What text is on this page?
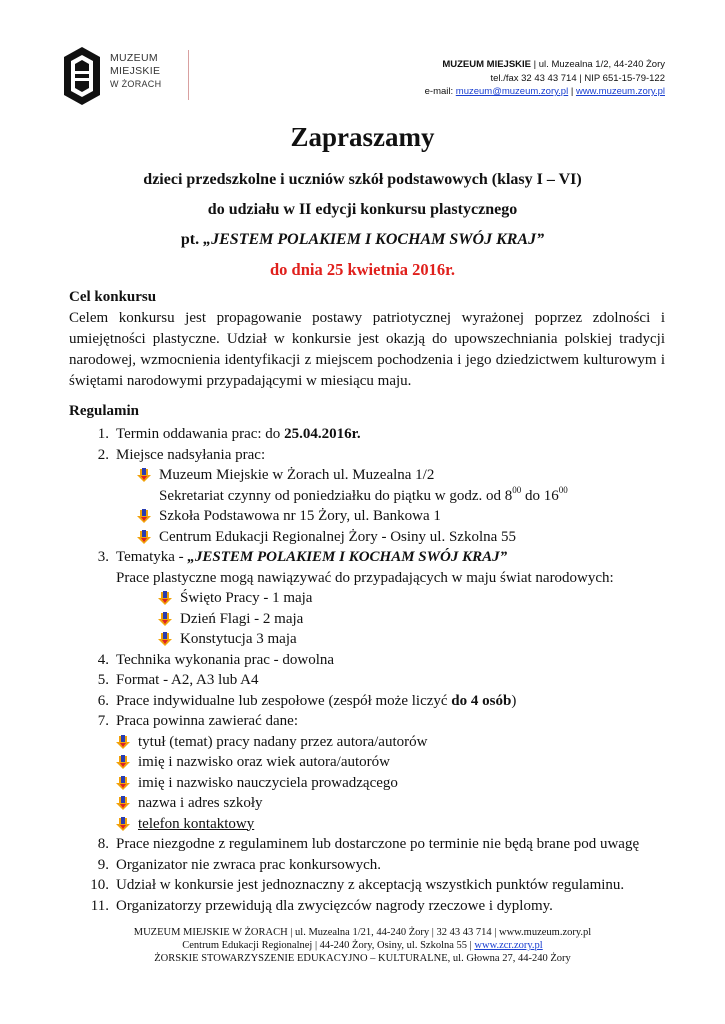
MUZEUM
MIEJSKIE
W ŻORACH
MUZEUM MIEJSKIE | ul. Muzealna 1/2, 44-240 Żory
tel./fax 32 43 43 714 | NIP 651-15-79-122
e-mail: muzeum@muzeum.zory.pl | www.muzeum.zory.pl
Zapraszamy
dzieci przedszkolne i uczniów szkół podstawowych (klasy I – VI)
do udziału w II edycji konkursu plastycznego
pt. „JESTEM POLAKIEM I KOCHAM SWÓJ KRAJ”
do dnia 25 kwietnia 2016r.
Cel konkursu
Celem konkursu jest propagowanie postawy patriotycznej wyrażonej poprzez zdolności i umiejętności plastyczne. Udział w konkursie jest okazją do upowszechniania polskiej tradycji narodowej, wzmocnienia identyfikacji z miejscem pochodzenia i jego dziedzictwem kulturowym i świętami narodowymi przypadającymi w miesiącu maju.
Regulamin
1. Termin oddawania prac: do 25.04.2016r.
2. Miejsce nadsyłania prac:
Muzeum Miejskie w Żorach ul. Muzealna 1/2
Sekretariat czynny od poniedziałku do piątku w godz. od $8^{00}$ do $16^{00}$
Szkoła Podstawowa nr 15 Żory, ul. Bankowa 1
Centrum Edukacji Regionalnej Żory - Osiny ul. Szkolna 55
3. Tematyka - „JESTEM POLAKIEM I KOCHAM SWÓJ KRAJ”
Prace plastyczne mogą nawiązywać do przypadających w maju świat narodowych:
Święto Pracy - 1 maja
Dzień Flagi - 2 maja
Konstytucja 3 maja
4. Technika wykonania prac - dowolna
5. Format - A2, A3 lub A4
6. Prace indywidualne lub zespołowe (zespół może liczyć do 4 osób)
7. Praca powinna zawierać dane:
tytuł (temat) pracy nadany przez autora/autorów
imię i nazwisko oraz wiek autora/autorów
imię i nazwisko nauczyciela prowadzącego
nazwa i adres szkoły
telefon kontaktowy
8. Prace niezgodne z regulaminem lub dostarczone po terminie nie będą brane pod uwagę
9. Organizator nie zwraca prac konkursowych.
10. Udział w konkursie jest jednoznaczny z akceptacją wszystkich punktów regulaminu.
11. Organizatorzy przewidują dla zwycięzców nagrody rzeczowe i dyplomy.
MUZEUM MIEJSKIE W ŻORACH | ul. Muzealna 1/21, 44-240 Żory | 32 43 43 714 | www.muzeum.zory.pl
Centrum Edukacji Regionalnej | 44-240 Żory, Osiny, ul. Szkolna 55 | www.zcr.zory.pl
ŻORSKIE STOWARZYSZENIE EDUKACYJNO – KULTURALNE, ul. Głowna 27, 44-240 Żory
